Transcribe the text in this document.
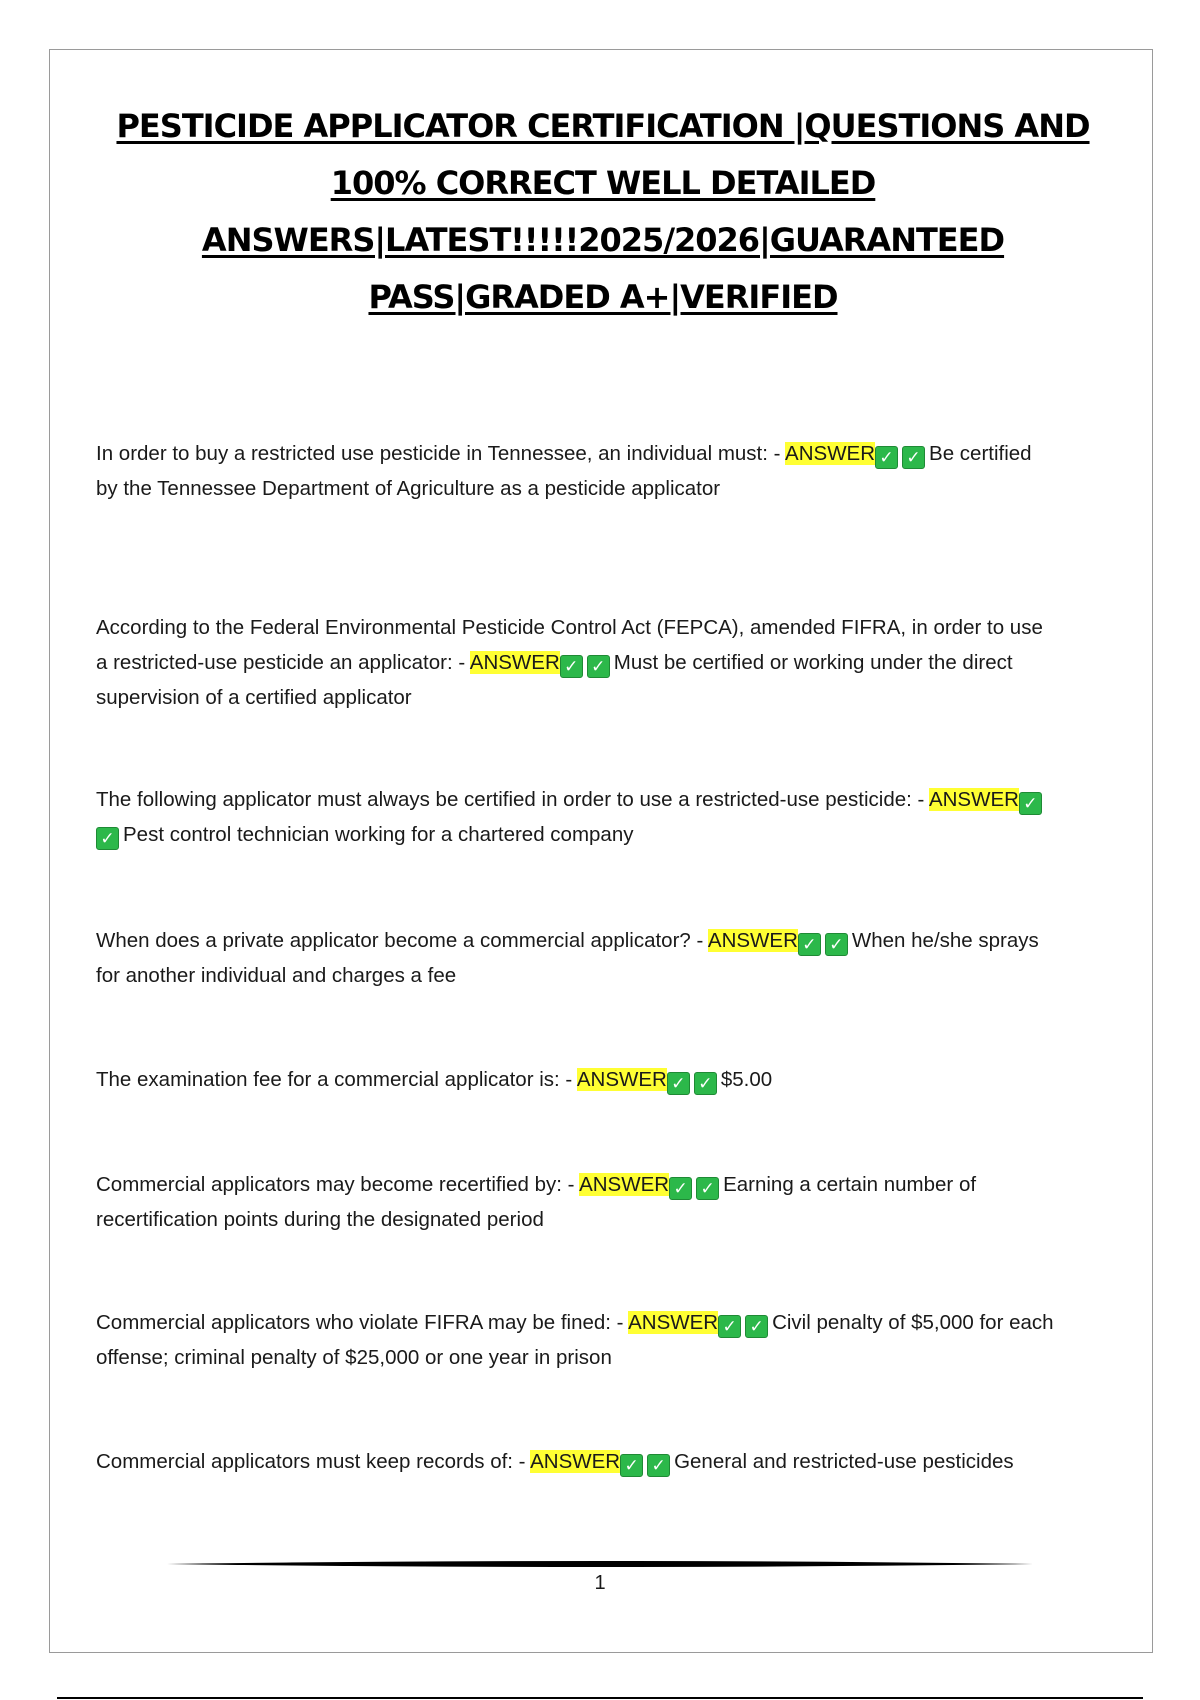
PESTICIDE APPLICATOR CERTIFICATION |QUESTIONS AND 100% CORRECT WELL DETAILED ANSWERS|LATEST!!!!!2025/2026|GUARANTEED PASS|GRADED A+|VERIFIED
In order to buy a restricted use pesticide in Tennessee, an individual must: - ANSWER ✓ ✓ Be certified by the Tennessee Department of Agriculture as a pesticide applicator
According to the Federal Environmental Pesticide Control Act (FEPCA), amended FIFRA, in order to use a restricted-use pesticide an applicator: - ANSWER ✓ ✓ Must be certified or working under the direct supervision of a certified applicator
The following applicator must always be certified in order to use a restricted-use pesticide: - ANSWER ✓✓ Pest control technician working for a chartered company
When does a private applicator become a commercial applicator? - ANSWER ✓ ✓ When he/she sprays for another individual and charges a fee
The examination fee for a commercial applicator is: - ANSWER ✓ ✓ $5.00
Commercial applicators may become recertified by: - ANSWER ✓ ✓ Earning a certain number of recertification points during the designated period
Commercial applicators who violate FIFRA may be fined: - ANSWER ✓ ✓ Civil penalty of $5,000 for each offense; criminal penalty of $25,000 or one year in prison
Commercial applicators must keep records of: - ANSWER ✓ ✓ General and restricted-use pesticides
1
